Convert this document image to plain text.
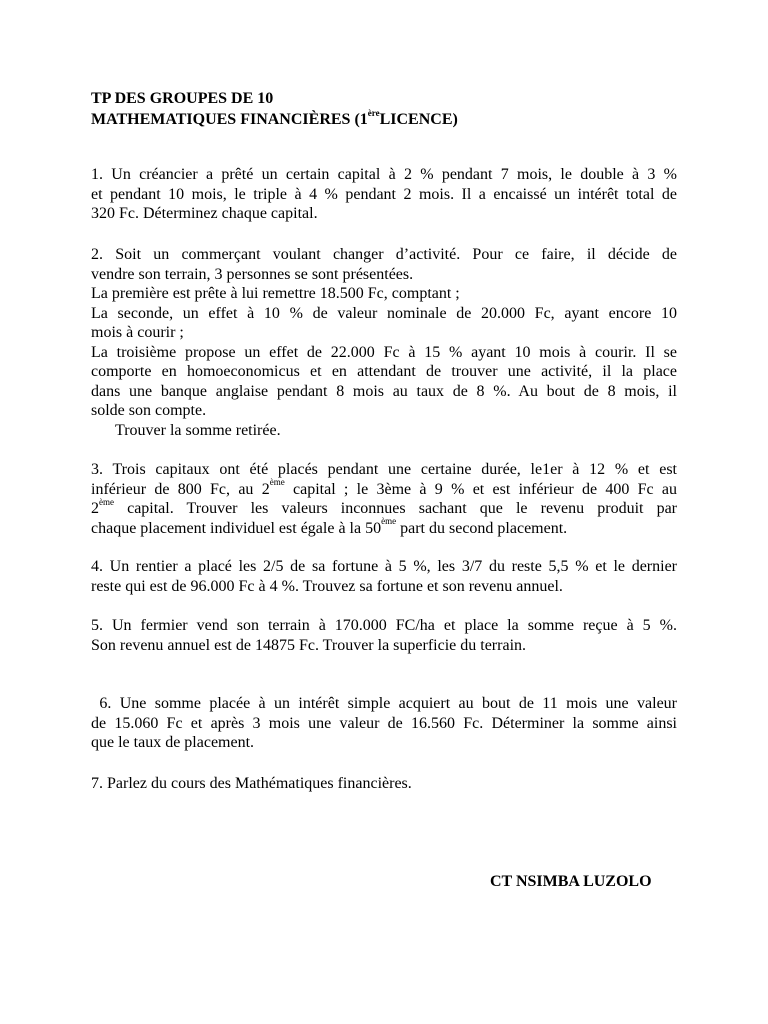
TP DES GROUPES DE 10
MATHEMATIQUES FINANCIÈRES (1èreLICENCE)
1. Un créancier a prêté un certain capital à 2 % pendant 7 mois, le double à 3 %
et pendant 10 mois, le triple à 4 % pendant 2 mois. Il a encaissé un intérêt total de
320 Fc. Déterminez chaque capital.
2. Soit un commerçant voulant changer d’activité. Pour ce faire, il décide de
vendre son terrain, 3 personnes se sont présentées.
La première est prête à lui remettre 18.500 Fc, comptant ;
La seconde, un effet à 10 % de valeur nominale de 20.000 Fc, ayant encore 10
mois à courir ;
La troisième propose un effet de 22.000 Fc à 15 % ayant 10 mois à courir. Il se
comporte en homoeconomicus et en attendant de trouver une activité, il la place
dans une banque anglaise pendant 8 mois au taux de 8 %. Au bout de 8 mois, il
solde son compte.
Trouver la somme retirée.
3. Trois capitaux ont été placés pendant une certaine durée, le1er à 12 % et est
inférieur de 800 Fc, au 2ème capital ; le 3ème à 9 % et est inférieur de 400 Fc au
2ème capital. Trouver les valeurs inconnues sachant que le revenu produit par
chaque placement individuel est égale à la 50ème part du second placement.
4. Un rentier a placé les 2/5 de sa fortune à 5 %, les 3/7 du reste 5,5 % et le dernier
reste qui est de 96.000 Fc à 4 %. Trouvez sa fortune et son revenu annuel.
5. Un fermier vend son terrain à 170.000 FC/ha et place la somme reçue à 5 %.
Son revenu annuel est de 14875 Fc. Trouver la superficie du terrain.
6. Une somme placée à un intérêt simple acquiert au bout de 11 mois une valeur
de 15.060 Fc et après 3 mois une valeur de 16.560 Fc. Déterminer la somme ainsi
que le taux de placement.
7. Parlez du cours des Mathématiques financières.
CT NSIMBA LUZOLO
